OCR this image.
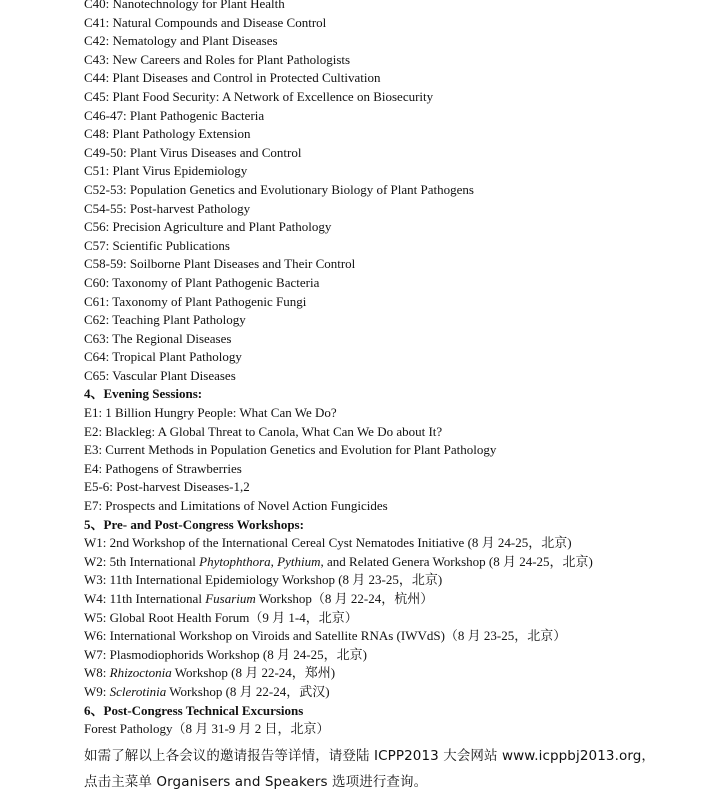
C40: Nanotechnology for Plant Health
C41: Natural Compounds and Disease Control
C42: Nematology and Plant Diseases
C43: New Careers and Roles for Plant Pathologists
C44: Plant Diseases and Control in Protected Cultivation
C45: Plant Food Security: A Network of Excellence on Biosecurity
C46-47: Plant Pathogenic Bacteria
C48: Plant Pathology Extension
C49-50: Plant Virus Diseases and Control
C51: Plant Virus Epidemiology
C52-53: Population Genetics and Evolutionary Biology of Plant Pathogens
C54-55: Post-harvest Pathology
C56: Precision Agriculture and Plant Pathology
C57: Scientific Publications
C58-59: Soilborne Plant Diseases and Their Control
C60: Taxonomy of Plant Pathogenic Bacteria
C61: Taxonomy of Plant Pathogenic Fungi
C62: Teaching Plant Pathology
C63: The Regional Diseases
C64: Tropical Plant Pathology
C65: Vascular Plant Diseases
4、Evening Sessions:
E1: 1 Billion Hungry People: What Can We Do?
E2: Blackleg: A Global Threat to Canola, What Can We Do about It?
E3: Current Methods in Population Genetics and Evolution for Plant Pathology
E4: Pathogens of Strawberries
E5-6: Post-harvest Diseases-1,2
E7: Prospects and Limitations of Novel Action Fungicides
5、Pre- and Post-Congress Workshops:
W1: 2nd Workshop of the International Cereal Cyst Nematodes Initiative (8 月 24-25，北京)
W2: 5th International Phytophthora, Pythium, and Related Genera Workshop (8 月 24-25，北京)
W3: 11th International Epidemiology Workshop (8 月 23-25，北京)
W4: 11th International Fusarium Workshop（8 月 22-24，杭州）
W5: Global Root Health Forum（9 月 1-4，北京）
W6: International Workshop on Viroids and Satellite RNAs (IWVdS)（8 月 23-25，北京）
W7: Plasmodiophorids Workshop (8 月 24-25，北京)
W8: Rhizoctonia Workshop (8 月 22-24，郑州)
W9: Sclerotinia Workshop (8 月 22-24，武汉)
6、Post-Congress Technical Excursions
Forest Pathology（8 月 31-9 月 2 日，北京）
如需了解以上各会议的邀请报告等详情，请登陆 ICPP2013 大会网站 www.icppbj2013.org，
点击主菜单 Organisers and Speakers 选项进行查询。
